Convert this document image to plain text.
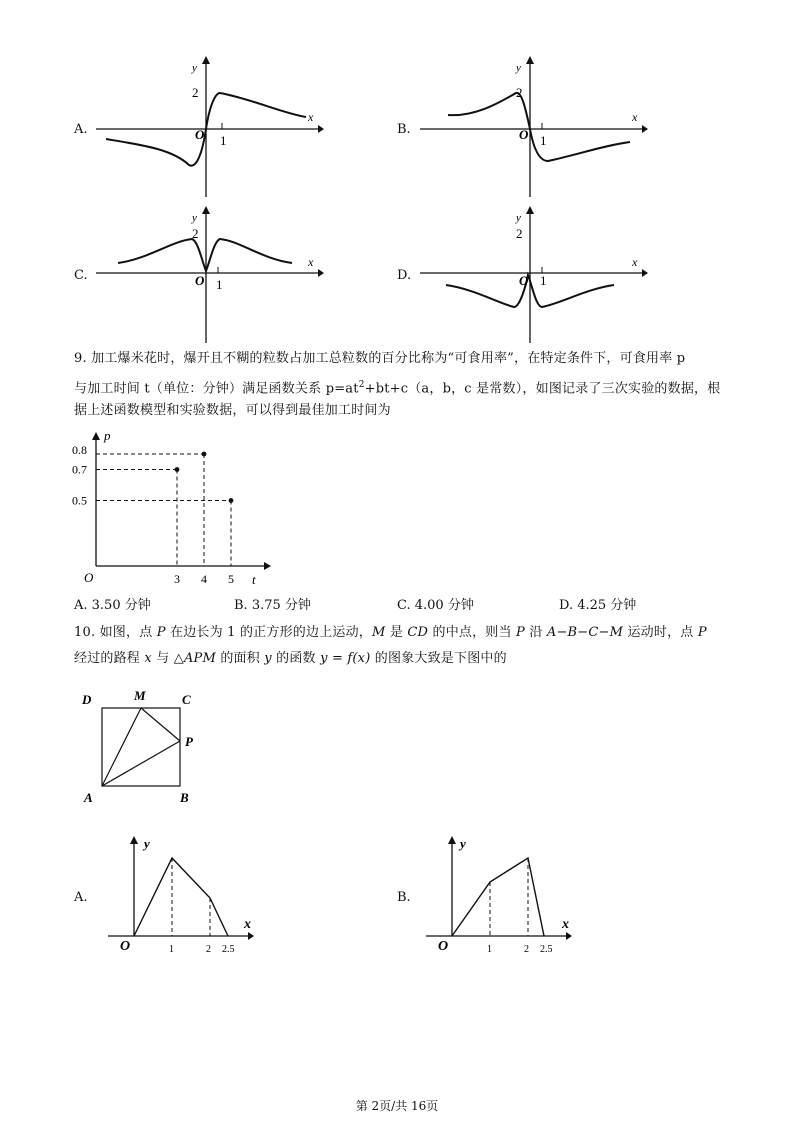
A.
y
x
2
O 1
B.
y
x
2
O 1
C.
y
x
2
O 1
D.
y
x
2
O 1
9. 加工爆米花时，爆开且不糊的粒数占加工总粒数的百分比称为“可食用率”，在特定条件下，可食用率 p
与加工时间 t（单位：分钟）满足函数关系 $p=at^2+bt+c(a$，b，c 是常数），如图记录了三次实验的数据，根
据上述函数模型和实验数据，可以得到最佳加工时间为
p
t
O	3 4 5
0.8
0.7
0.5
A. 3.50 分钟	B. 3.75 分钟	C. 4.00 分钟	D. 4.25 分钟
10. 如图，点 P 在边长为 1 的正方形的边上运动，M 是 CD 的中点，则当 P 沿 A−B−C−M 运动时，点 P
经过的路程 x 与 △APM 的面积 y 的函数 y = f(x) 的图象大致是下图中的
D	M	C
P
A	B
A.
y
x
O	1	2 2.5
B.
y
x
O	1	2 2.5
第 2页/共 16页
